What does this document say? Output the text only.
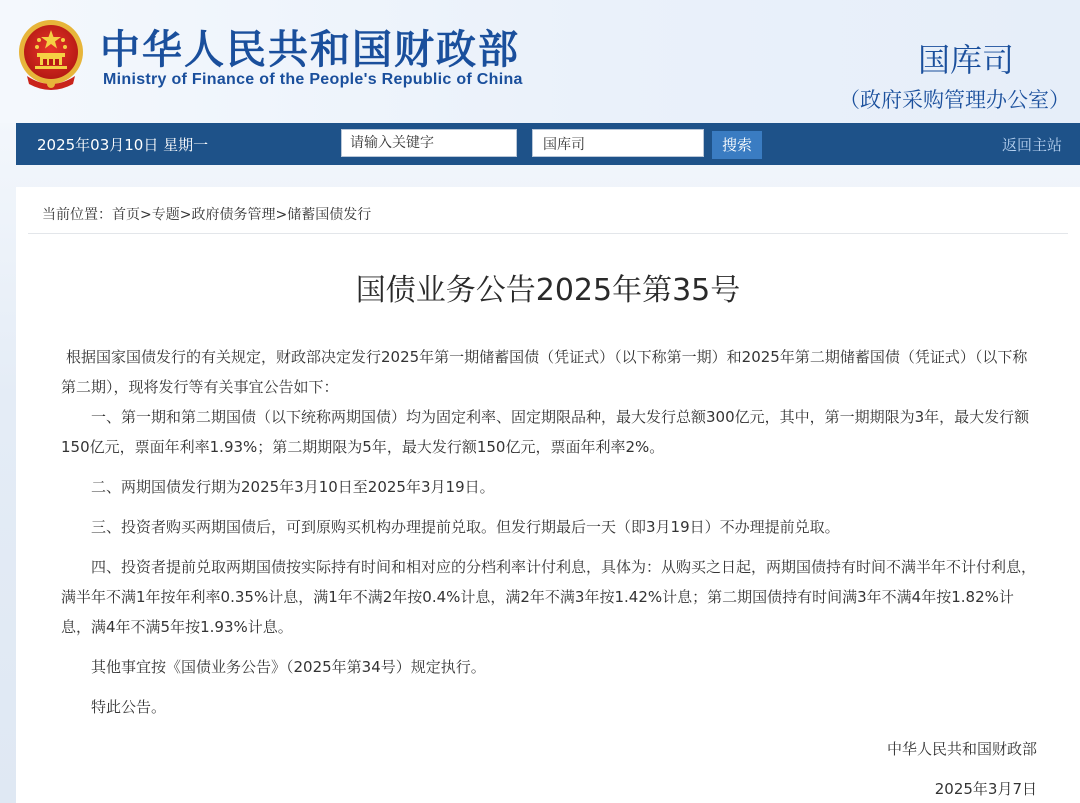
中华人民共和国财政部
Ministry of Finance of the People's Republic of China
国库司
（政府采购管理办公室）
2025年03月10日 星期一
请输入关键字	国库司	搜索	返回主站
当前位置：首页>专题>政府债务管理>储蓄国债发行
国债业务公告2025年第35号

根据国家国债发行的有关规定，财政部决定发行2025年第一期储蓄国债（凭证式）（以下称第一期）和2025年第二期储蓄国债（凭证式）（以下称第二期），现将发行等有关事宜公告如下：

一、第一期和第二期国债（以下统称两期国债）均为固定利率、固定期限品种，最大发行总额300亿元，其中，第一期期限为3年，最大发行额150亿元，票面年利率1.93%；第二期期限为5年，最大发行额150亿元，票面年利率2%。

二、两期国债发行期为2025年3月10日至2025年3月19日。

三、投资者购买两期国债后，可到原购买机构办理提前兑取。但发行期最后一天（即3月19日）不办理提前兑取。

四、投资者提前兑取两期国债按实际持有时间和相对应的分档利率计付利息，具体为：从购买之日起，两期国债持有时间不满半年不计付利息，满半年不满1年按年利率0.35%计息，满1年不满2年按0.4%计息，满2年不满3年按1.42%计息；第二期国债持有时间满3年不满4年按1.82%计息，满4年不满5年按1.93%计息。

其他事宜按《国债业务公告》（2025年第34号）规定执行。

特此公告。

中华人民共和国财政部
2025年3月7日
